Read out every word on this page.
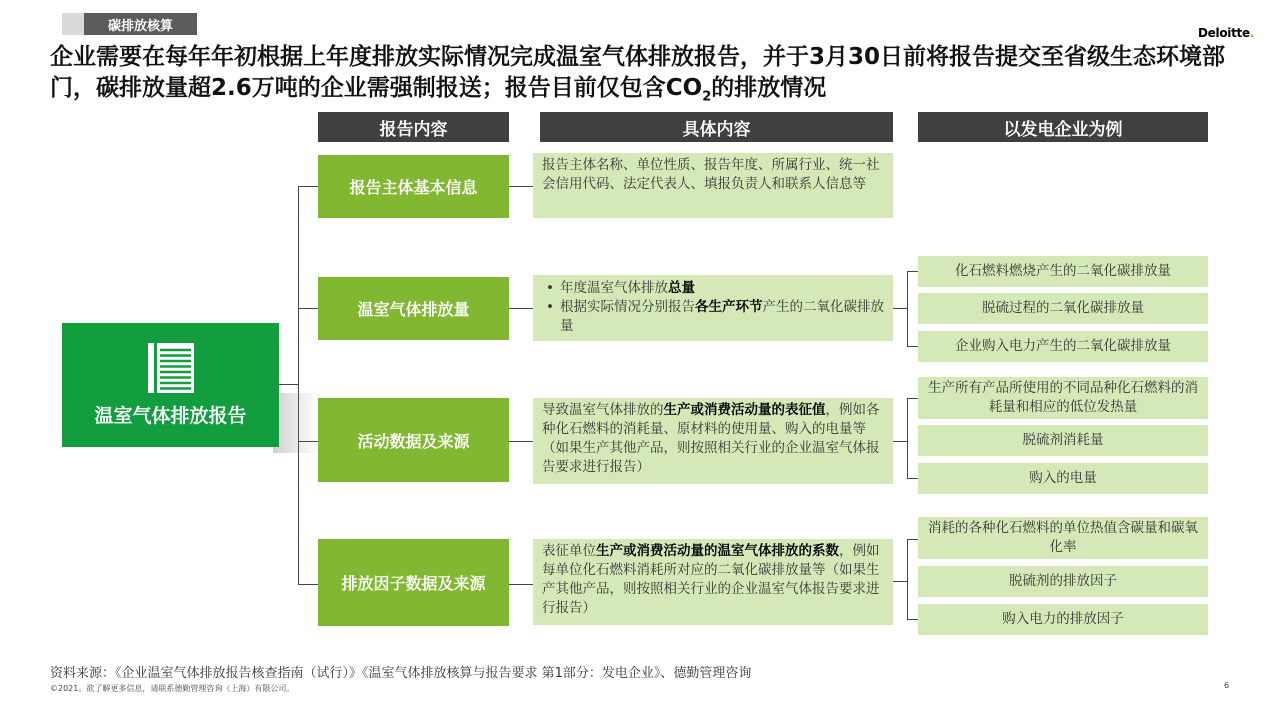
碳排放核算	Deloitte.
企业需要在每年年初根据上年度排放实际情况完成温室气体排放报告，并于3月30日前将报告提交至省级生态环境部门，碳排放量超2.6万吨的企业需强制报送；报告目前仅包含$CO_2$的排放情况
报告内容	具体内容	以发电企业为例
温室气体排放报告
报告主体基本信息
报告主体名称、单位性质、报告年度、所属行业、统一社会信用代码、法定代表人、填报负责人和联系人信息等
温室气体排放量
• 年度温室气体排放总量
• 根据实际情况分别报告各生产环节产生的二氧化碳排放量
化石燃料燃烧产生的二氧化碳排放量
脱硫过程的二氧化碳排放量
企业购入电力产生的二氧化碳排放量
活动数据及来源
导致温室气体排放的生产或消费活动量的表征值，例如各种化石燃料的消耗量、原材料的使用量、购入的电量等（如果生产其他产品，则按照相关行业的企业温室气体报告要求进行报告）
生产所有产品所使用的不同品种化石燃料的消耗量和相应的低位发热量
脱硫剂消耗量
购入的电量
排放因子数据及来源
表征单位生产或消费活动量的温室气体排放的系数，例如每单位化石燃料消耗所对应的二氧化碳排放量等（如果生产其他产品，则按照相关行业的企业温室气体报告要求进行报告）
消耗的各种化石燃料的单位热值含碳量和碳氧化率
脱硫剂的排放因子
购入电力的排放因子
资料来源：《企业温室气体排放报告核查指南（试行）》《温室气体排放核算与报告要求 第1部分：发电企业》、德勤管理咨询
©2021。欲了解更多信息，请联系德勤管理咨询（上海）有限公司。	6
